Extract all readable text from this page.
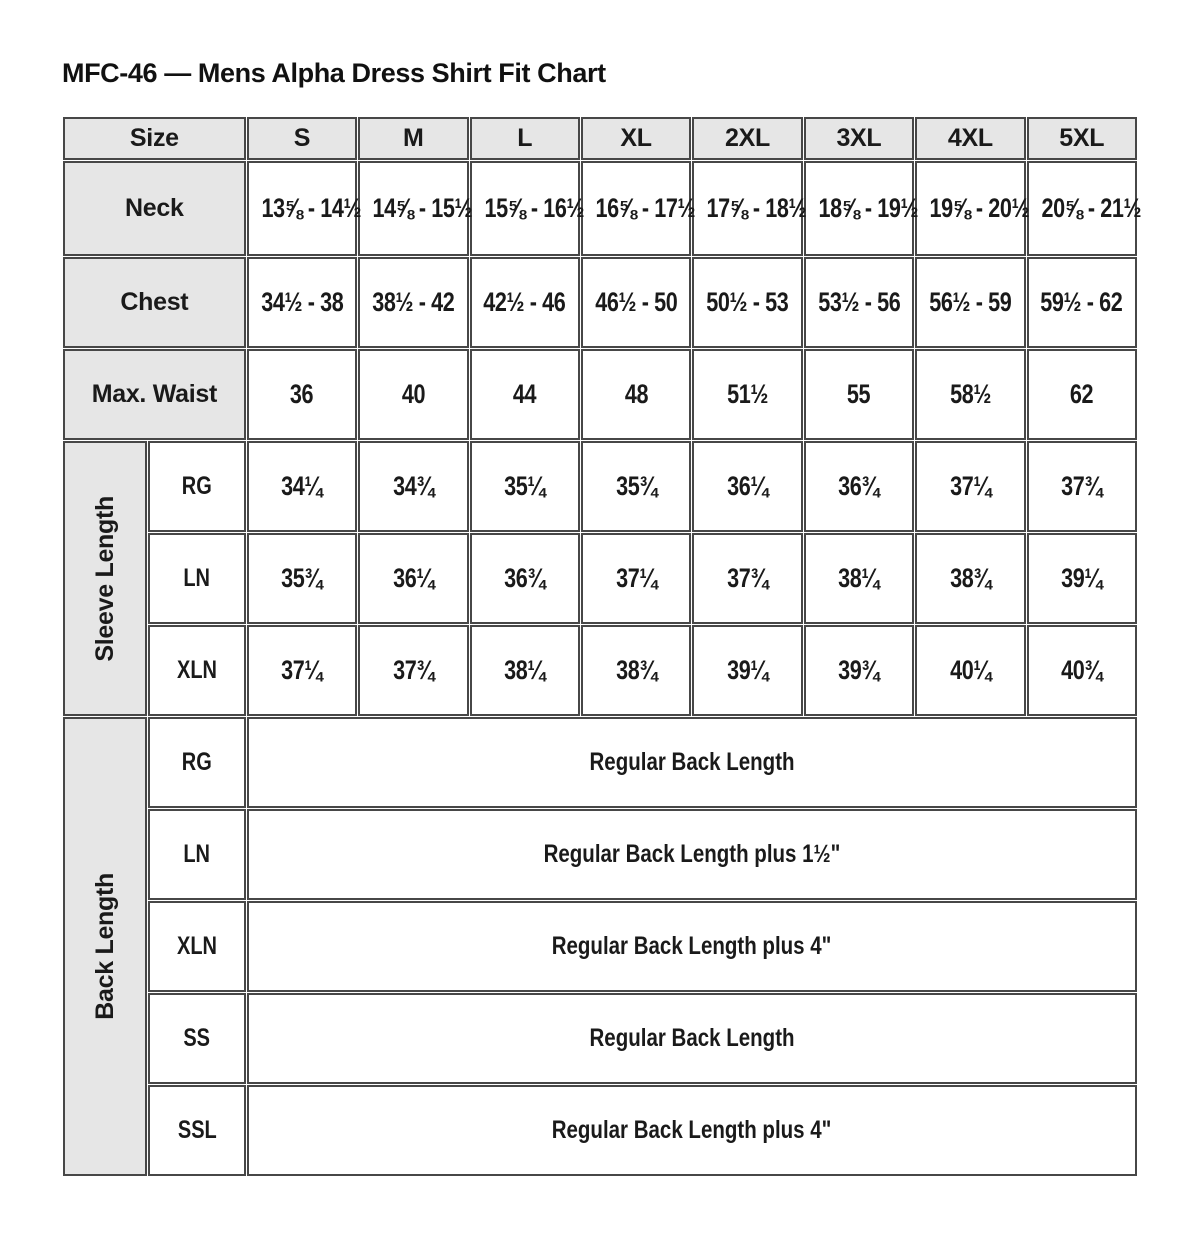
MFC-46 — Mens Alpha Dress Shirt Fit Chart
Size		S	M	L	XL	2XL	3XL	4XL	5XL
Neck		13⅝ - 14½	14⅝ - 15½	15⅝ - 16½	16⅝ - 17½	17⅝ - 18½	18⅝ - 19½	19⅝ - 20½	20⅝ - 21½
Chest		34½ - 38	38½ - 42	42½ - 46	46½ - 50	50½ - 53	53½ - 56	56½ - 59	59½ - 62
Max. Waist		36	40	44	48	51½	55	58½	62

Sleeve Length	RG	34¼	34¾	35¼	35¾	36¼	36¾	37¼	37¾
	LN	35¾	36¼	36¾	37¼	37¾	38¼	38¾	39¼
	XLN	37¼	37¾	38¼	38¾	39¼	39¾	40¼	40¾

Back Length	RG	Regular Back Length							
	LN	Regular Back Length plus 1½"							
	XLN	Regular Back Length plus 4"							
	SS	Regular Back Length							
	SSL	Regular Back Length plus 4"							
